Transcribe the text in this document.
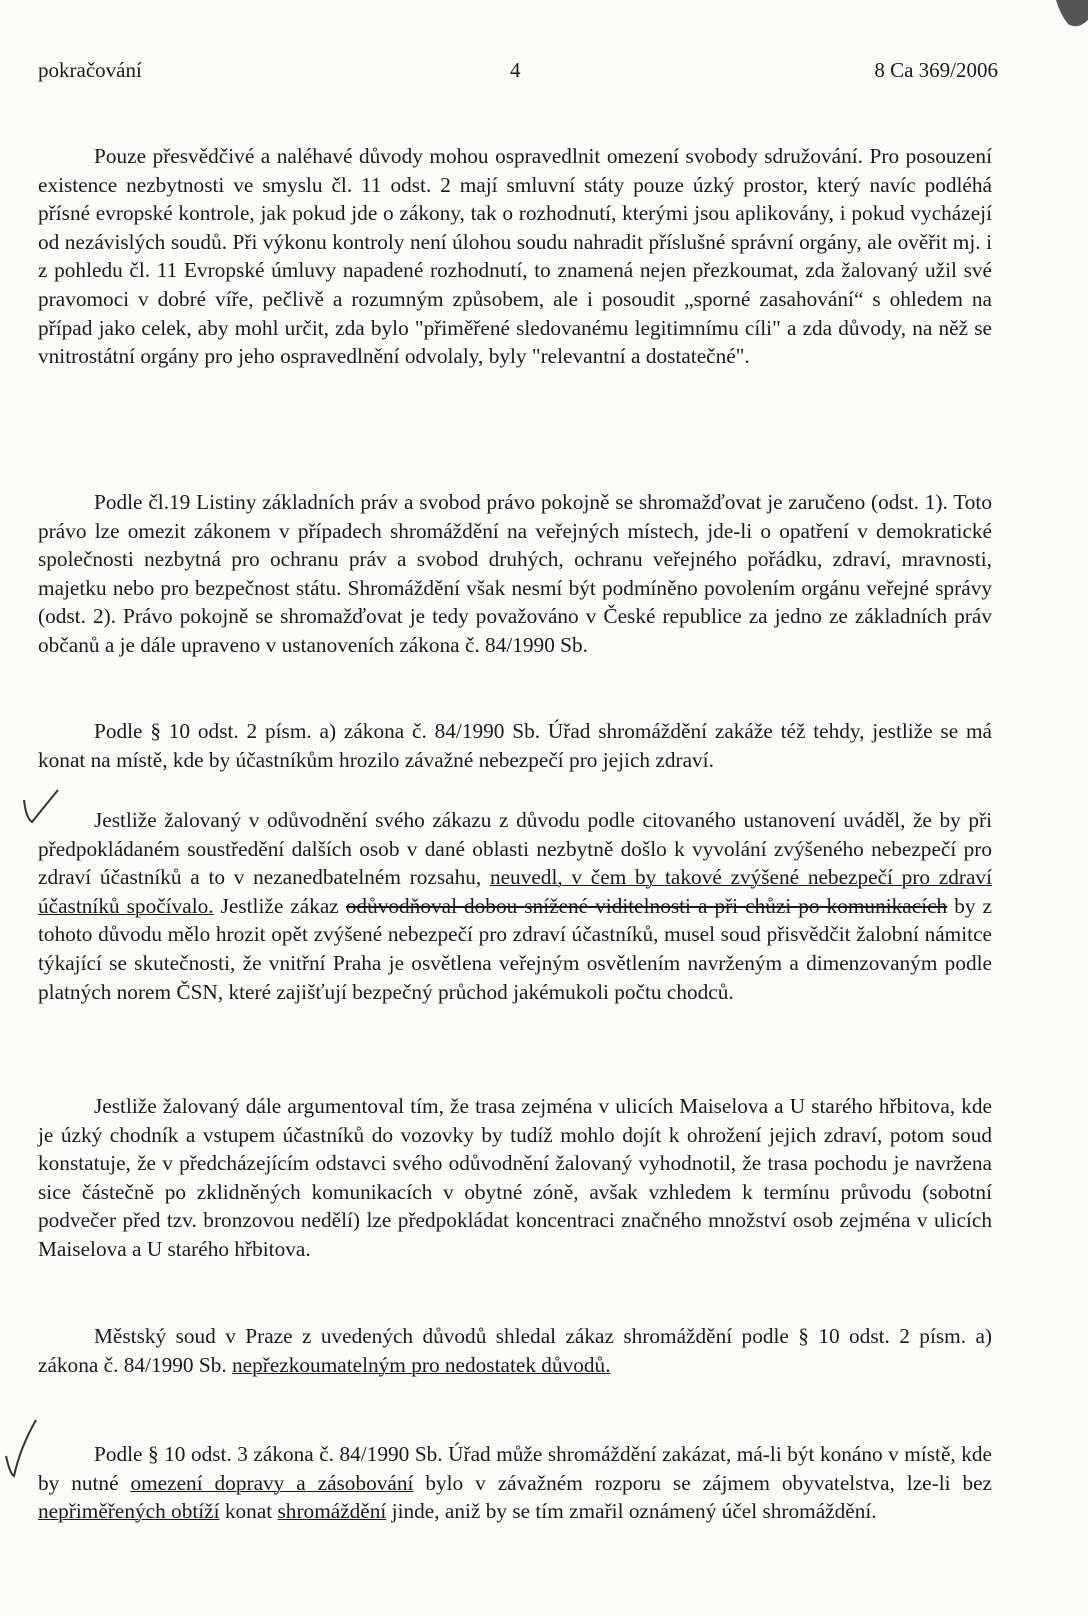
pokračování	4	8 Ca 369/2006

Pouze přesvědčivé a naléhavé důvody mohou ospravedlnit omezení svobody sdružování. Pro posouzení existence nezbytnosti ve smyslu čl. 11 odst. 2 mají smluvní státy pouze úzký prostor, který navíc podléhá přísné evropské kontrole, jak pokud jde o zákony, tak o rozhodnutí, kterými jsou aplikovány, i pokud vycházejí od nezávislých soudů. Při výkonu kontroly není úlohou soudu nahradit příslušné správní orgány, ale ověřit mj. i z pohledu čl. 11 Evropské úmluvy napadené rozhodnutí, to znamená nejen přezkoumat, zda žalovaný užil své pravomoci v dobré víře, pečlivě a rozumným způsobem, ale i posoudit „sporné zasahování“ s ohledem na případ jako celek, aby mohl určit, zda bylo "přiměřené sledovanému legitimnímu cíli" a zda důvody, na něž se vnitrostátní orgány pro jeho ospravedlnění odvolaly, byly "relevantní a dostatečné".

Podle čl.19 Listiny základních práv a svobod právo pokojně se shromažďovat je zaručeno (odst. 1). Toto právo lze omezit zákonem v případech shromáždění na veřejných místech, jde-li o opatření v demokratické společnosti nezbytná pro ochranu práv a svobod druhých, ochranu veřejného pořádku, zdraví, mravnosti, majetku nebo pro bezpečnost státu. Shromáždění však nesmí být podmíněno povolením orgánu veřejné správy (odst. 2). Právo pokojně se shromažďovat je tedy považováno v České republice za jedno ze základních práv občanů a je dále upraveno v ustanoveních zákona č. 84/1990 Sb.

Podle § 10 odst. 2 písm. a) zákona č. 84/1990 Sb. Úřad shromáždění zakáže též tehdy, jestliže se má konat na místě, kde by účastníkům hrozilo závažné nebezpečí pro jejich zdraví.

Jestliže žalovaný v odůvodnění svého zákazu z důvodu podle citovaného ustanovení uváděl, že by při předpokládaném soustředění dalších osob v dané oblasti nezbytně došlo k vyvolání zvýšeného nebezpečí pro zdraví účastníků a to v nezanedbatelném rozsahu, neuvedl, v čem by takové zvýšené nebezpečí pro zdraví účastníků spočívalo. Jestliže zákaz odůvodňoval dobou snížené viditelnosti a při chůzi po komunikacích by z tohoto důvodu mělo hrozit opět zvýšené nebezpečí pro zdraví účastníků, musel soud přisvědčit žalobní námitce týkající se skutečnosti, že vnitřní Praha je osvětlena veřejným osvětlením navrženým a dimenzovaným podle platných norem ČSN, které zajišťují bezpečný průchod jakémukoli počtu chodců.

Jestliže žalovaný dále argumentoval tím, že trasa zejména v ulicích Maiselova a U starého hřbitova, kde je úzký chodník a vstupem účastníků do vozovky by tudíž mohlo dojít k ohrožení jejich zdraví, potom soud konstatuje, že v předcházejícím odstavci svého odůvodnění žalovaný vyhodnotil, že trasa pochodu je navržena sice částečně po zklidněných komunikacích v obytné zóně, avšak vzhledem k termínu průvodu (sobotní podvečer před tzv. bronzovou nedělí) lze předpokládat koncentraci značného množství osob zejména v ulicích Maiselova a U starého hřbitova.

Městský soud v Praze z uvedených důvodů shledal zákaz shromáždění podle § 10 odst. 2 písm. a) zákona č. 84/1990 Sb. nepřezkoumatelným pro nedostatek důvodů.

Podle § 10 odst. 3 zákona č. 84/1990 Sb. Úřad může shromáždění zakázat, má-li být konáno v místě, kde by nutné omezení dopravy a zásobování bylo v závažném rozporu se zájmem obyvatelstva, lze-li bez nepřiměřených obtíží konat shromáždění jinde, aniž by se tím zmařil oznámený účel shromáždění.
